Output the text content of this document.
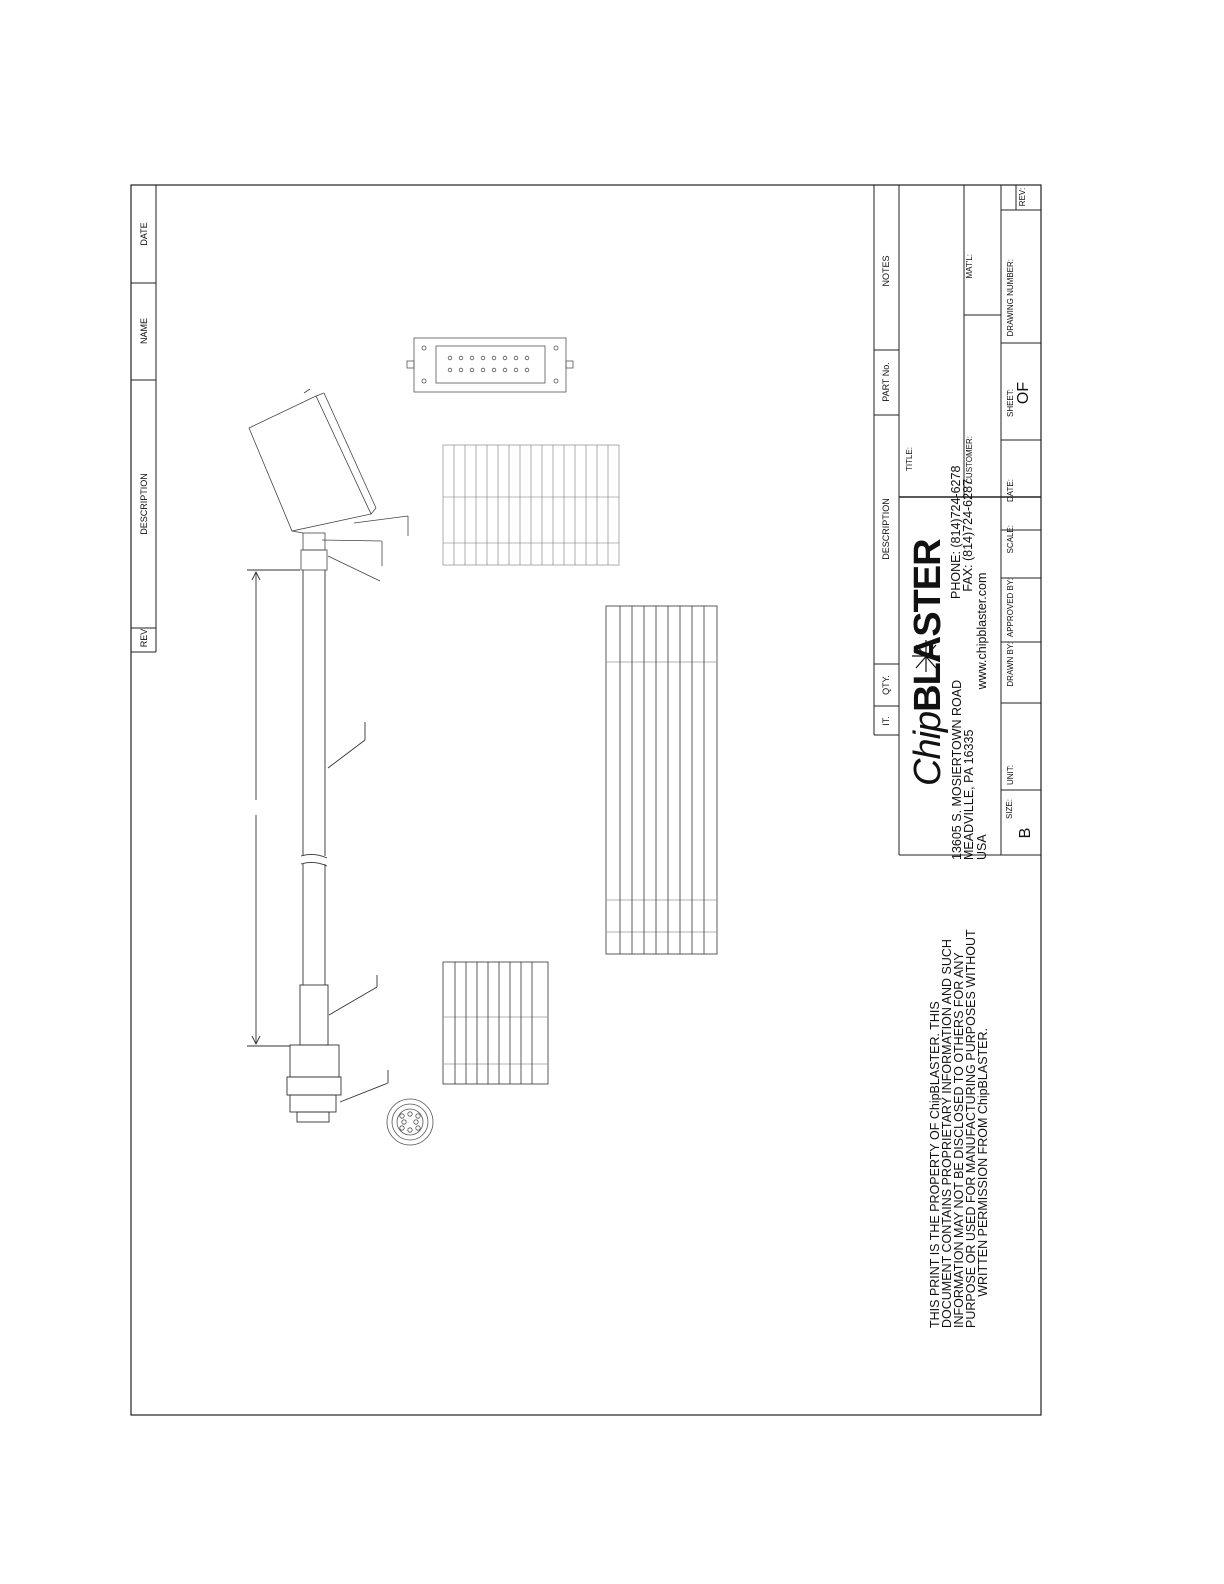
REV
DESCRIPTION
NAME
DATE
IT.
QTY.
DESCRIPTION
PART No.
NOTES
ChipBLASTER
13605 S. MOSIERTOWN ROAD
MEADVILLE, PA 16335 USA
PHONE: (814)724-6278
FAX: (814)724-6287
www.chipblaster.com
TITLE:	CUSTOMER:
MAT'L:
SIZE:
B
UNIT:
DRAWN BY:
APPROVED BY:
SCALE:
DATE:
SHEET: OF
DRAWING NUMBER:
REV:
THIS PRINT IS THE PROPERTY OF ChipBLASTER. THIS
DOCUMENT CONTAINS PROPRIETARY INFORMATION AND SUCH
INFORMATION MAY NOT BE DISCLOSED TO OTHERS FOR ANY
PURPOSE OR USED FOR MANUFACTURING PURPOSES WITHOUT
WRITTEN PERMISSION FROM ChipBLASTER.
